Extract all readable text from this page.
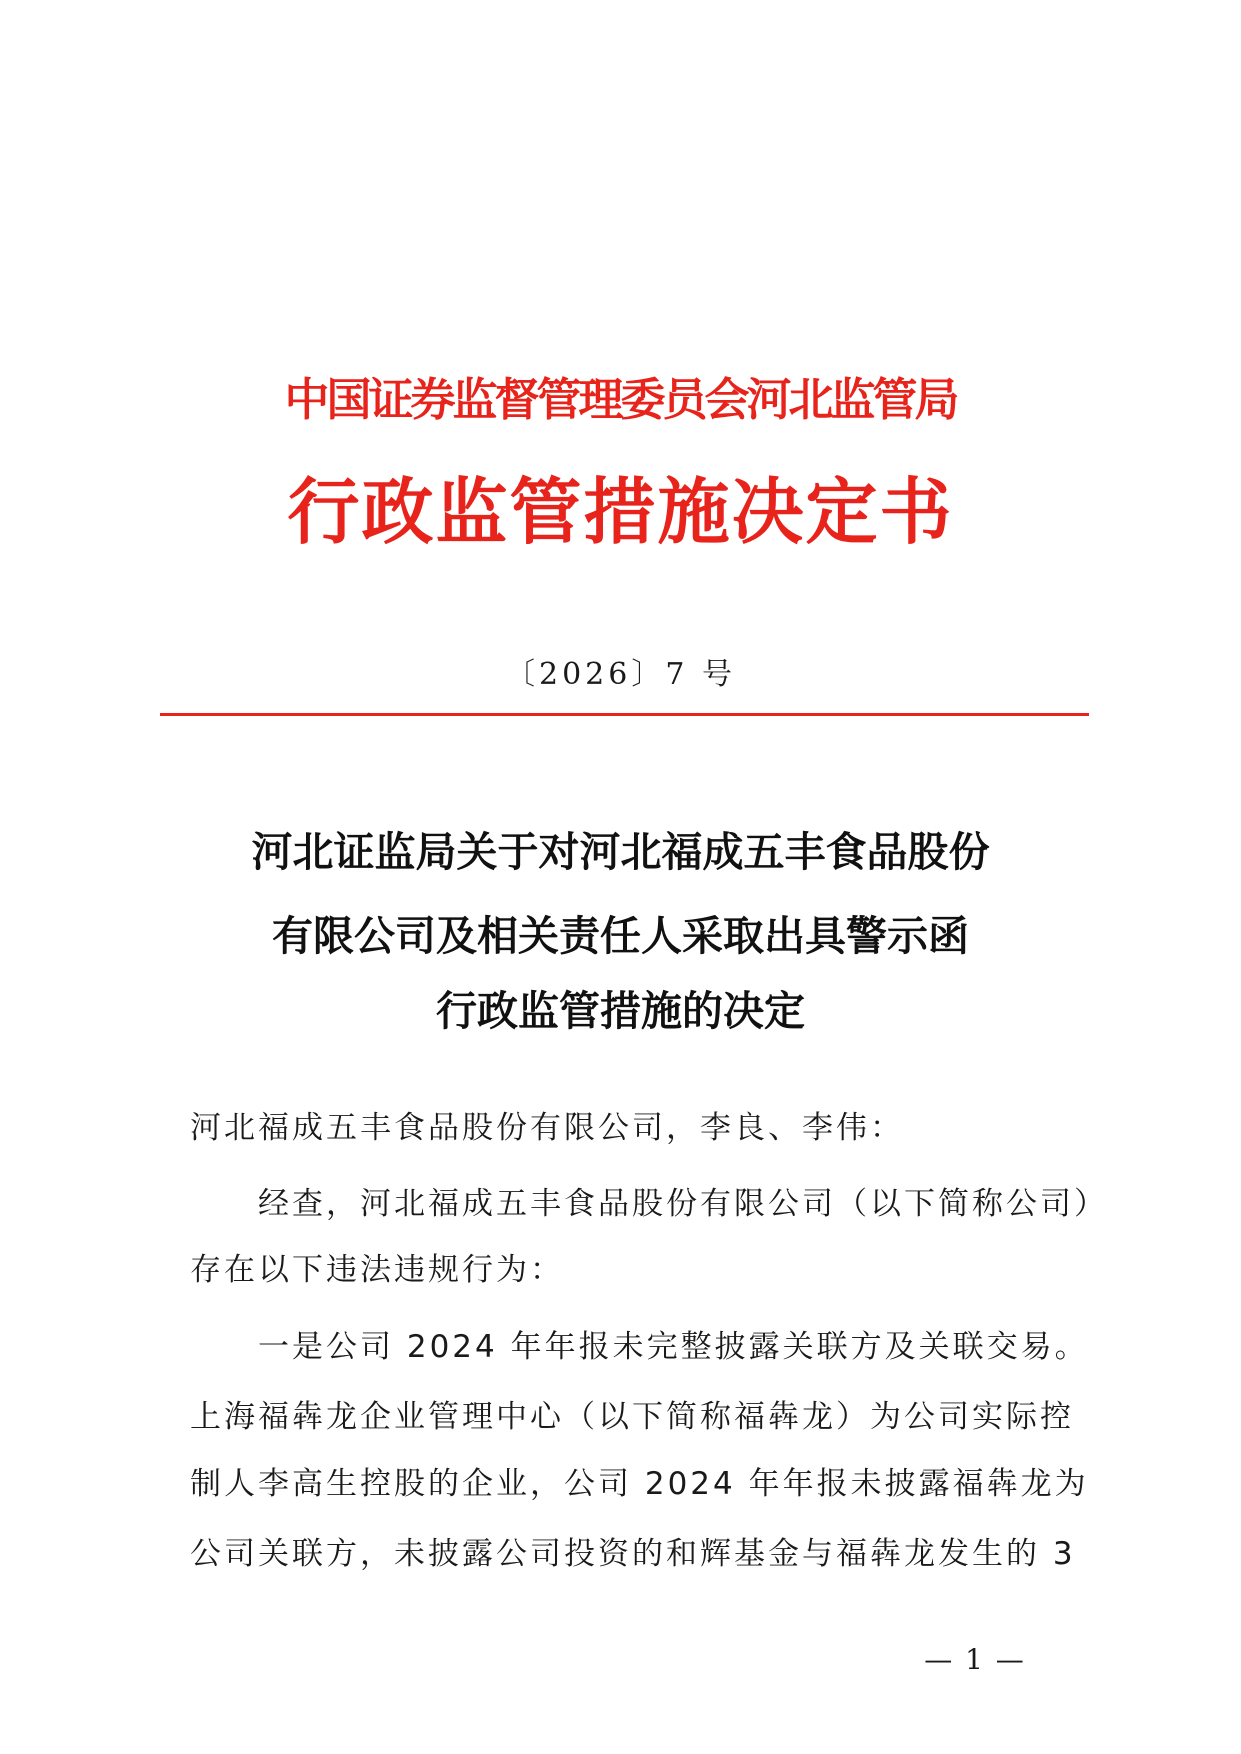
中国证券监督管理委员会河北监管局
行政监管措施决定书
〔2026〕7 号
河北证监局关于对河北福成五丰食品股份
有限公司及相关责任人采取出具警示函
行政监管措施的决定
河北福成五丰食品股份有限公司，李良、李伟：
经查，河北福成五丰食品股份有限公司（以下简称公司）
存在以下违法违规行为：
一是公司 2024 年年报未完整披露关联方及关联交易。
上海福犇龙企业管理中心（以下简称福犇龙）为公司实际控
制人李高生控股的企业，公司 2024 年年报未披露福犇龙为
公司关联方，未披露公司投资的和辉基金与福犇龙发生的 3
— 1 —
